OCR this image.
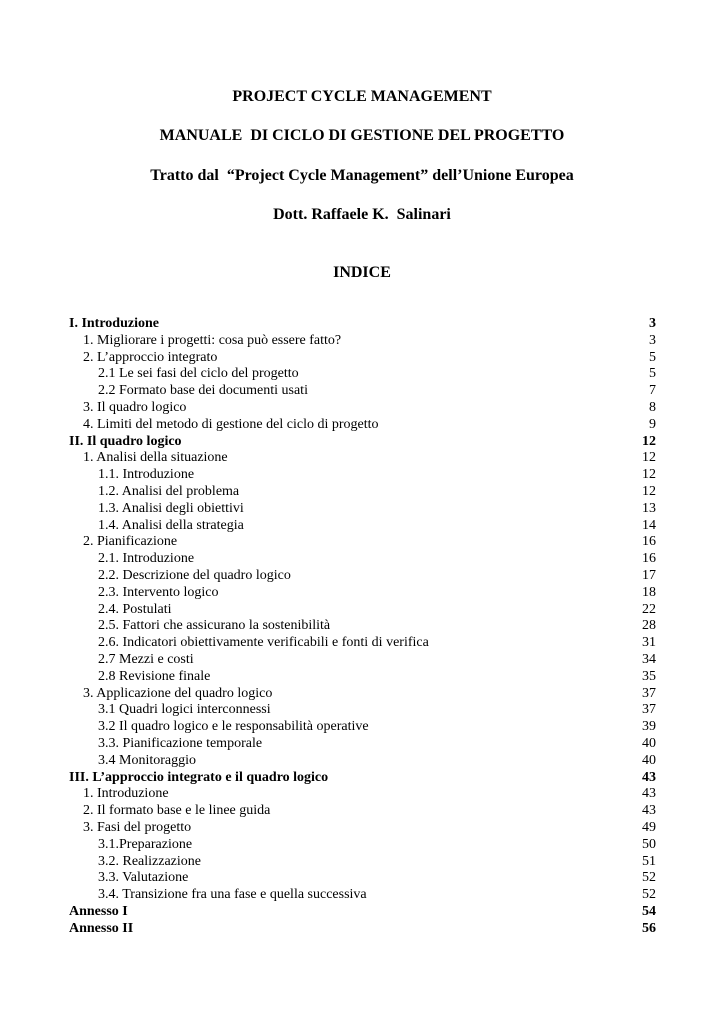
PROJECT CYCLE MANAGEMENT
MANUALE  DI CICLO DI GESTIONE DEL PROGETTO
Tratto dal  “Project Cycle Management” dell’Unione Europea
Dott. Raffaele K.  Salinari
INDICE
I. Introduzione	3
1. Migliorare i progetti: cosa può essere fatto?	3
2. L’approccio integrato	5
2.1 Le sei fasi del ciclo del progetto	5
2.2 Formato base dei documenti usati	7
3. Il quadro logico	8
4. Limiti del metodo di gestione del ciclo di progetto	9
II. Il quadro logico	12
1. Analisi della situazione	12
1.1. Introduzione	12
1.2. Analisi del problema	12
1.3. Analisi degli obiettivi	13
1.4. Analisi della strategia	14
2. Pianificazione	16
2.1. Introduzione	16
2.2. Descrizione del quadro logico	17
2.3. Intervento logico	18
2.4. Postulati	22
2.5. Fattori che assicurano la sostenibilità	28
2.6. Indicatori obiettivamente verificabili e fonti di verifica	31
2.7 Mezzi e costi	34
2.8 Revisione finale	35
3. Applicazione del quadro logico	37
3.1 Quadri logici interconnessi	37
3.2 Il quadro logico e le responsabilità operative	39
3.3. Pianificazione temporale	40
3.4 Monitoraggio	40
III. L’approccio integrato e il quadro logico	43
1. Introduzione	43
2. Il formato base e le linee guida	43
3. Fasi del progetto	49
3.1.Preparazione	50
3.2. Realizzazione	51
3.3. Valutazione	52
3.4. Transizione fra una fase e quella successiva	52
Annesso I	54
Annesso II	56
